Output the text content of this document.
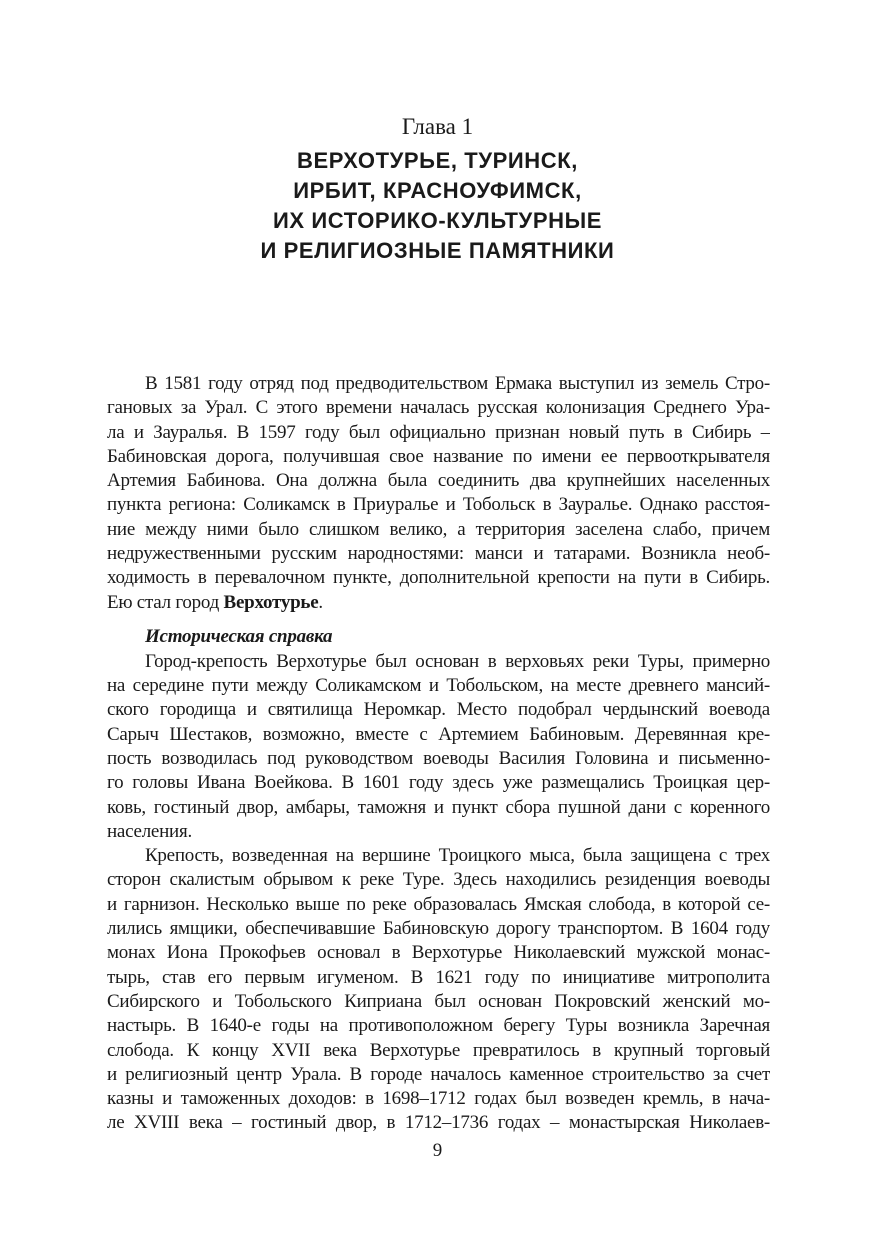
Глава 1
ВЕРХОТУРЬЕ, ТУРИНСК,
ИРБИТ, КРАСНОУФИМСК,
ИХ ИСТОРИКО-КУЛЬТУРНЫЕ
И РЕЛИГИОЗНЫЕ ПАМЯТНИКИ
В 1581 году отряд под предводительством Ермака выступил из земель Стро-
гановых за Урал. С этого времени началась русская колонизация Среднего Ура-
ла и Зауралья. В 1597 году был официально признан новый путь в Сибирь –
Бабиновская дорога, получившая свое название по имени ее первооткрывателя
Артемия Бабинова. Она должна была соединить два крупнейших населенных
пункта региона: Соликамск в Приуралье и Тобольск в Зауралье. Однако расстоя-
ние между ними было слишком велико, а территория заселена слабо, причем
недружественными русским народностями: манси и татарами. Возникла необ-
ходимость в перевалочном пункте, дополнительной крепости на пути в Сибирь.
Ею стал город Верхотурье.
Историческая справка
Город-крепость Верхотурье был основан в верховьях реки Туры, примерно
на середине пути между Соликамском и Тобольском, на месте древнего мансий-
ского городища и святилища Неромкар. Место подобрал чердынский воевода
Сарыч Шестаков, возможно, вместе с Артемием Бабиновым. Деревянная кре-
пость возводилась под руководством воеводы Василия Головина и письменно-
го головы Ивана Воейкова. В 1601 году здесь уже размещались Троицкая цер-
ковь, гостиный двор, амбары, таможня и пункт сбора пушной дани с коренного
населения.
Крепость, возведенная на вершине Троицкого мыса, была защищена с трех
сторон скалистым обрывом к реке Туре. Здесь находились резиденция воеводы
и гарнизон. Несколько выше по реке образовалась Ямская слобода, в которой се-
лились ямщики, обеспечивавшие Бабиновскую дорогу транспортом. В 1604 году
монах Иона Прокофьев основал в Верхотурье Николаевский мужской монас-
тырь, став его первым игуменом. В 1621 году по инициативе митрополита
Сибирского и Тобольского Киприана был основан Покровский женский мо-
настырь. В 1640-е годы на противоположном берегу Туры возникла Заречная
слобода. К концу XVII века Верхотурье превратилось в крупный торговый
и религиозный центр Урала. В городе началось каменное строительство за счет
казны и таможенных доходов: в 1698–1712 годах был возведен кремль, в нача-
ле XVIII века – гостиный двор, в 1712–1736 годах – монастырская Николаев-
9
